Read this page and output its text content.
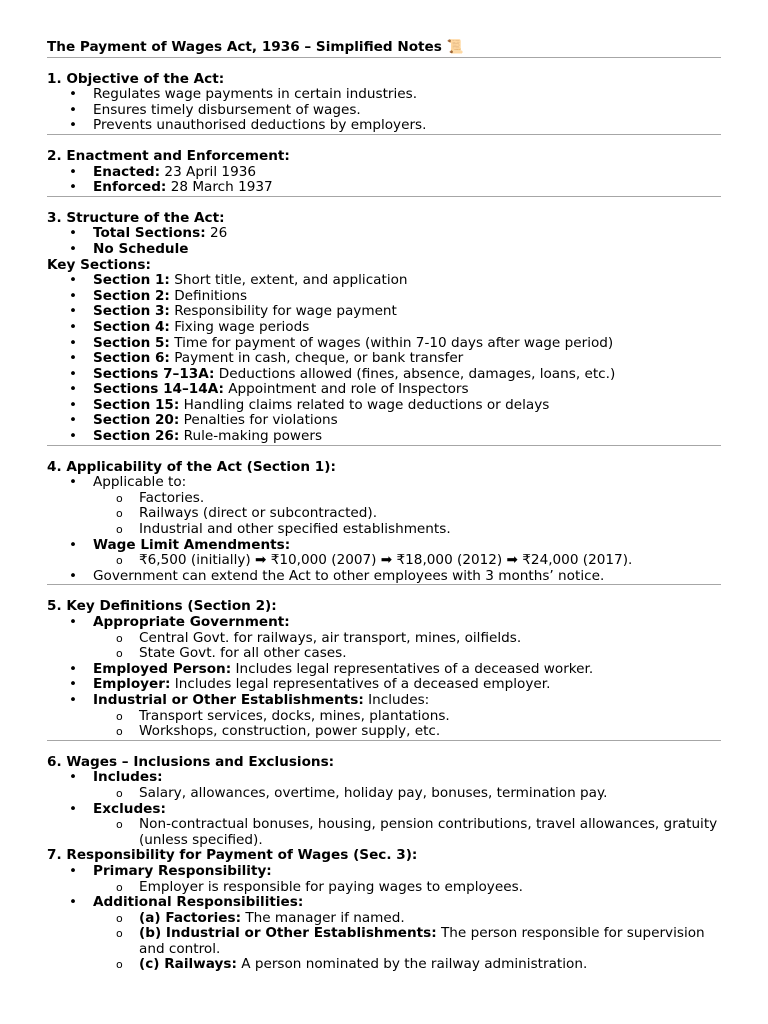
The Payment of Wages Act, 1936 – Simplified Notes 📜
1. Objective of the Act:
• Regulates wage payments in certain industries.
• Ensures timely disbursement of wages.
• Prevents unauthorised deductions by employers.
2. Enactment and Enforcement:
• Enacted: 23 April 1936
• Enforced: 28 March 1937
3. Structure of the Act:
• Total Sections: 26
• No Schedule
Key Sections:
• Section 1: Short title, extent, and application
• Section 2: Definitions
• Section 3: Responsibility for wage payment
• Section 4: Fixing wage periods
• Section 5: Time for payment of wages (within 7-10 days after wage period)
• Section 6: Payment in cash, cheque, or bank transfer
• Sections 7–13A: Deductions allowed (fines, absence, damages, loans, etc.)
• Sections 14–14A: Appointment and role of Inspectors
• Section 15: Handling claims related to wage deductions or delays
• Section 20: Penalties for violations
• Section 26: Rule-making powers
4. Applicability of the Act (Section 1):
• Applicable to:
o Factories.
o Railways (direct or subcontracted).
o Industrial and other specified establishments.
• Wage Limit Amendments:
o ₹6,500 (initially) ➡ ₹10,000 (2007) ➡ ₹18,000 (2012) ➡ ₹24,000 (2017).
• Government can extend the Act to other employees with 3 months’ notice.
5. Key Definitions (Section 2):
• Appropriate Government:
o Central Govt. for railways, air transport, mines, oilfields.
o State Govt. for all other cases.
• Employed Person: Includes legal representatives of a deceased worker.
• Employer: Includes legal representatives of a deceased employer.
• Industrial or Other Establishments: Includes:
o Transport services, docks, mines, plantations.
o Workshops, construction, power supply, etc.
6. Wages – Inclusions and Exclusions:
• Includes:
o Salary, allowances, overtime, holiday pay, bonuses, termination pay.
• Excludes:
o Non-contractual bonuses, housing, pension contributions, travel allowances, gratuity (unless specified).
7. Responsibility for Payment of Wages (Sec. 3):
• Primary Responsibility:
o Employer is responsible for paying wages to employees.
• Additional Responsibilities:
o (a) Factories: The manager if named.
o (b) Industrial or Other Establishments: The person responsible for supervision and control.
o (c) Railways: A person nominated by the railway administration.
